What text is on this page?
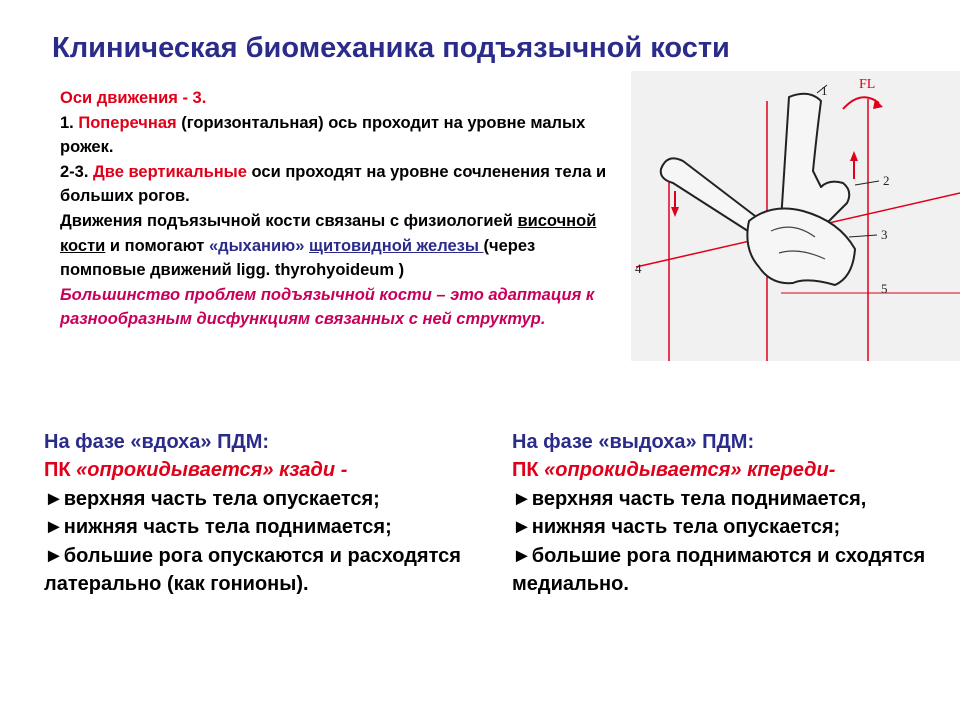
Клиническая биомеханика подъязычной кости

Оси движения - 3.

1. Поперечная (горизонтальная) ось проходит на уровне малых рожек.

2-3. Две вертикальные оси проходят на уровне сочленения тела и больших рогов.

Движения подъязычной кости связаны с физиологией височной кости и помогают «дыханию» щитовидной железы (через помповые движений ligg. thyrohyoideum )

Большинство проблем подъязычной кости – это адаптация к разнообразным дисфункциям связанных с ней структур.

FL
1
2
3
4
5

На фазе «вдоха» ПДМ:

ПК «опрокидывается» кзади -

►верхняя часть тела опускается;

►нижняя часть тела поднимается;

►большие рога опускаются и расходятся латерально (как гонионы).

На фазе «выдоха» ПДМ:

ПК «опрокидывается» кпереди-

►верхняя часть тела поднимается,

►нижняя часть тела опускается;

►большие рога поднимаются и сходятся медиально.
